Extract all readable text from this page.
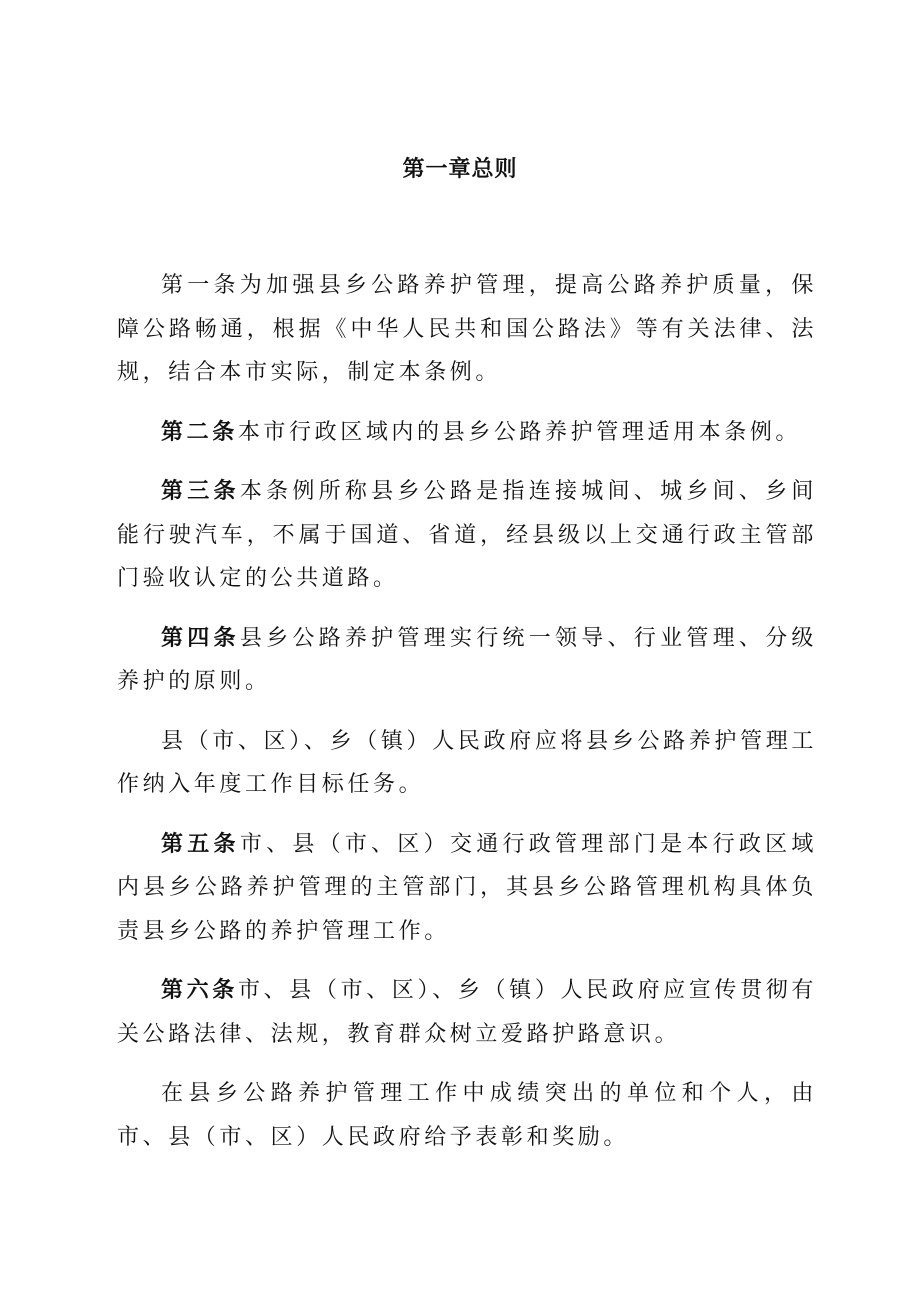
第一章总则

第一条为加强县乡公路养护管理，提高公路养护质量，保障公路畅通，根据《中华人民共和国公路法》等有关法律、法规，结合本市实际，制定本条例。

第二条本市行政区域内的县乡公路养护管理适用本条例。

第三条本条例所称县乡公路是指连接城间、城乡间、乡间能行驶汽车，不属于国道、省道，经县级以上交通行政主管部门验收认定的公共道路。

第四条县乡公路养护管理实行统一领导、行业管理、分级养护的原则。

县（市、区）、乡（镇）人民政府应将县乡公路养护管理工作纳入年度工作目标任务。

第五条市、县（市、区）交通行政管理部门是本行政区域内县乡公路养护管理的主管部门，其县乡公路管理机构具体负责县乡公路的养护管理工作。

第六条市、县（市、区）、乡（镇）人民政府应宣传贯彻有关公路法律、法规，教育群众树立爱路护路意识。

在县乡公路养护管理工作中成绩突出的单位和个人，由市、县（市、区）人民政府给予表彰和奖励。
